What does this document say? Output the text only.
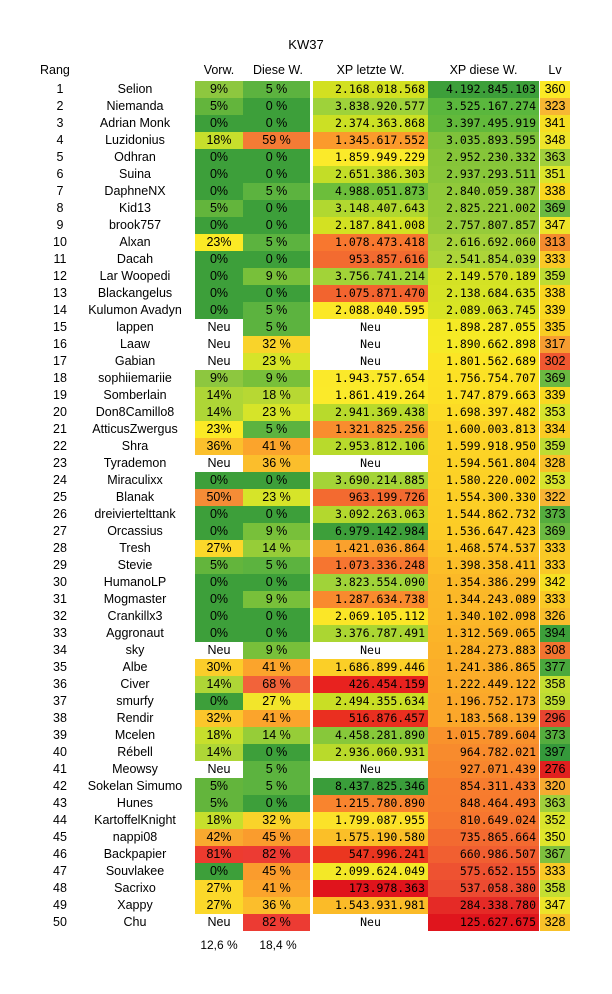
KW37
Rang	Vorw.	Diese W.	XP letzte W.	XP diese W.	Lv
1	Selion	9%	5 %	2.168.018.568	4.192.845.103 360
2	Niemanda	5%	0 %	3.838.920.577	3.525.167.274 323
3	Adrian Monk	0%	0 %	2.374.363.868	3.397.495.919 341
4	Luzidonius	18%	59 %	1.345.617.552	3.035.893.595 348
5	Odhran	0%	0 %	1.859.949.229	2.952.230.332 363
6	Suina	0%	0 %	2.651.386.303	2.937.293.511 351
7	DaphneNX	0%	5 %	4.988.051.873	2.840.059.387 338
8	Kid13	5%	0 %	3.148.407.643	2.825.221.002 369
9	brook757	0%	0 %	2.187.841.008	2.757.807.857 347
10	Alxan	23%	5 %	1.078.473.418	2.616.692.060 313
11	Dacah	0%	0 %	953.857.616	2.541.854.039 333
12	Lar Woopedi	0%	9 %	3.756.741.214	2.149.570.189 359
13	Blackangelus	0%	0 %	1.075.871.470	2.138.684.635 338
14	Kulumon Avadyn	0%	5 %	2.088.040.595	2.089.063.745 339
15	lappen	Neu	5 %	Neu	1.898.287.055 335
16	Laaw	Neu	32 %	Neu	1.890.662.898 317
17	Gabian	Neu	23 %	Neu	1.801.562.689 302
18	sophiiemariie	9%	9 %	1.943.757.654	1.756.754.707 369
19	Somberlain	14%	18 %	1.861.419.264	1.747.879.663 339
20	Don8Camillo8	14%	23 %	2.941.369.438	1.698.397.482 353
21	AtticusZwergus	23%	5 %	1.321.825.256	1.600.003.813 334
22	Shra	36%	41 %	2.953.812.106	1.599.918.950 359
23	Tyrademon	Neu	36 %	Neu	1.594.561.804 328
24	Miraculixx	0%	0 %	3.690.214.885	1.580.220.002 353
25	Blanak	50%	23 %	963.199.726	1.554.300.330 322
26	dreiviertelttank	0%	0 %	3.092.263.063	1.544.862.732 373
27	Orcassius	0%	9 %	6.979.142.984	1.536.647.423 369
28	Tresh	27%	14 %	1.421.036.864	1.468.574.537 333
29	Stevie	5%	5 %	1.073.336.248	1.398.358.411 333
30	HumanoLP	0%	0 %	3.823.554.090	1.354.386.299 342
31	Mogmaster	0%	9 %	1.287.634.738	1.344.243.089 333
32	Crankillx3	0%	0 %	2.069.105.112	1.340.102.098 326
33	Aggronaut	0%	0 %	3.376.787.491	1.312.569.065 394
34	sky	Neu	9 %	Neu	1.284.273.883 308
35	Albe	30%	41 %	1.686.899.446	1.241.386.865 377
36	Civer	14%	68 %	426.454.159	1.222.449.122 358
37	smurfy	0%	27 %	2.494.355.634	1.196.752.173 359
38	Rendir	32%	41 %	516.876.457	1.183.568.139 296
39	Mcelen	18%	14 %	4.458.281.890	1.015.789.604 373
40	Rébell	14%	0 %	2.936.060.931	964.782.021 397
41	Meowsy	Neu	5 %	Neu	927.071.439 276
42	Sokelan Simumo	5%	5 %	8.437.825.346	854.311.433 320
43	Hunes	5%	0 %	1.215.780.890	848.464.493 363
44	KartoffelKnight	18%	32 %	1.799.087.955	810.649.024 352
45	nappi08	42%	45 %	1.575.190.580	735.865.664 350
46	Backpapier	81%	82 %	547.996.241	660.986.507 367
47	Souvlakee	0%	45 %	2.099.624.049	575.652.155 333
48	Sacrixo	27%	41 %	173.978.363	537.058.380 358
49	Xappy	27%	36 %	1.543.931.981	284.338.780 347
50	Chu	Neu	82 %	Neu	125.627.675 328
12,6 %	18,4 %
